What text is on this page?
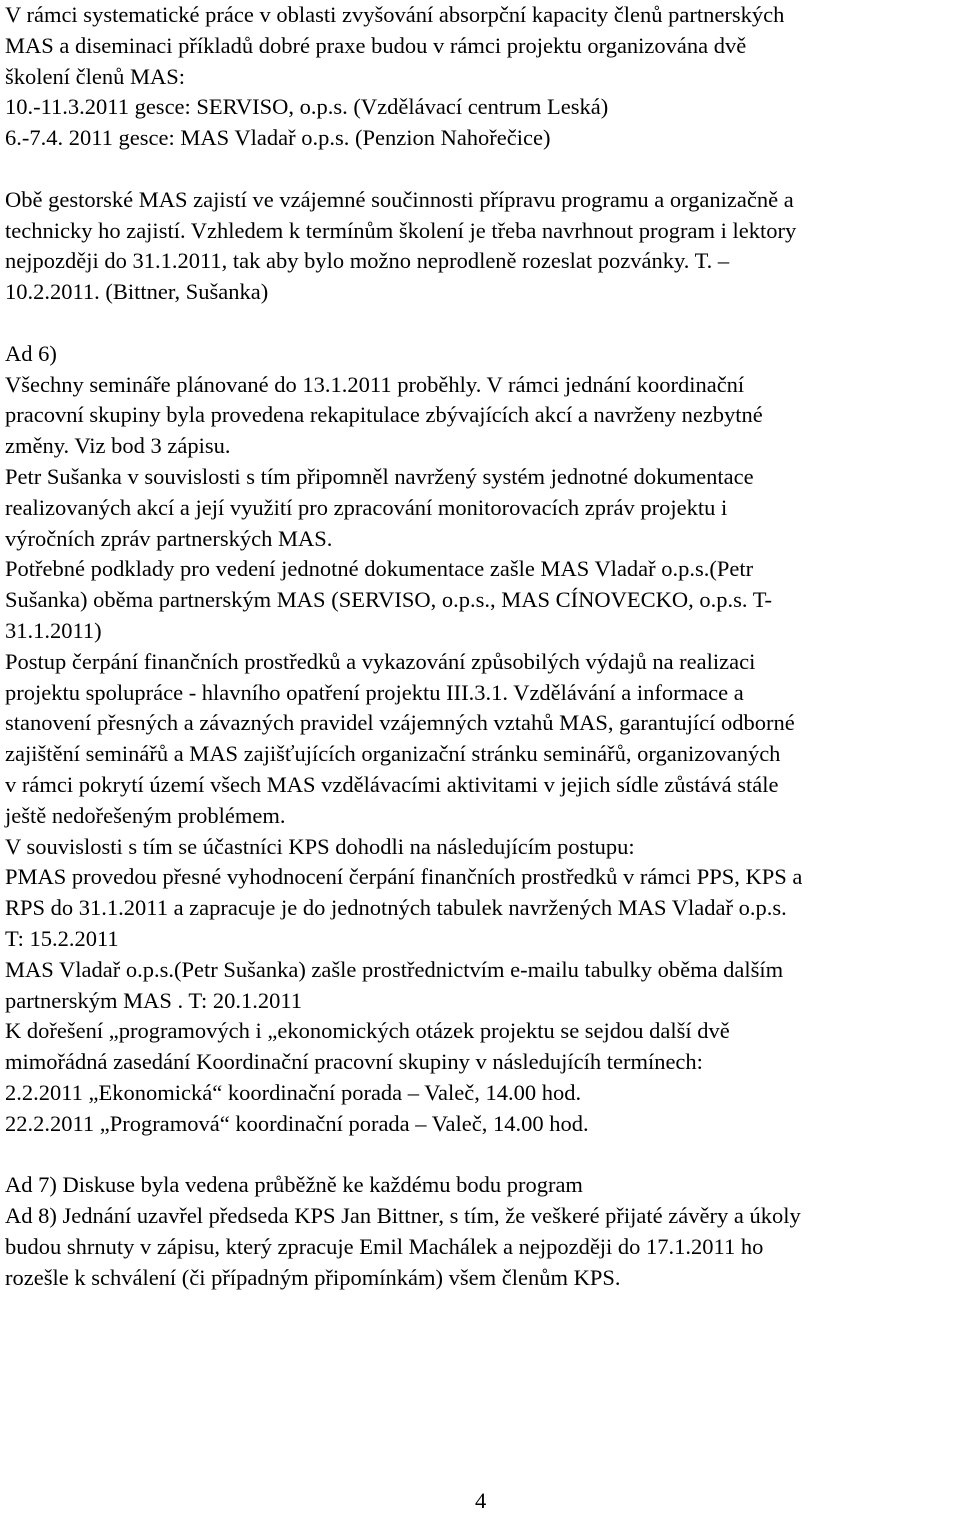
V rámci systematické práce v oblasti zvyšování absorpční kapacity členů partnerských
MAS a diseminaci příkladů dobré praxe budou v rámci projektu organizována dvě
školení členů MAS:
10.-11.3.2011 gesce: SERVISO, o.p.s. (Vzdělávací centrum Leská)
6.-7.4. 2011 gesce: MAS Vladař o.p.s. (Penzion Nahořečice)
Obě gestorské MAS zajistí ve vzájemné součinnosti přípravu programu a organizačně a
technicky ho zajistí. Vzhledem k termínům školení je třeba navrhnout program i lektory
nejpozději do 31.1.2011, tak aby bylo možno neprodleně rozeslat pozvánky. T. –
10.2.2011. (Bittner, Sušanka)
Ad 6)
Všechny semináře plánované do 13.1.2011 proběhly. V rámci jednání koordinační
pracovní skupiny byla provedena rekapitulace zbývajících akcí a navrženy nezbytné
změny. Viz bod 3 zápisu.
Petr Sušanka v souvislosti s tím připomněl navržený systém jednotné dokumentace
realizovaných akcí a její využití pro zpracování monitorovacích zpráv projektu i
výročních zpráv partnerských MAS.
Potřebné podklady pro vedení jednotné dokumentace zašle MAS Vladař o.p.s.(Petr
Sušanka) oběma partnerským MAS (SERVISO, o.p.s., MAS CÍNOVECKO, o.p.s. T-
31.1.2011)
Postup čerpání finančních prostředků a vykazování způsobilých výdajů na realizaci
projektu spolupráce - hlavního opatření projektu III.3.1. Vzdělávání a informace a
stanovení přesných a závazných pravidel vzájemných vztahů MAS, garantující odborné
zajištění seminářů a MAS zajišťujících organizační stránku seminářů, organizovaných
v rámci pokrytí území všech MAS vzdělávacími aktivitami v jejich sídle zůstává stále
ještě nedořešeným problémem.
V souvislosti s tím se účastníci KPS dohodli na následujícím postupu:
PMAS provedou přesné vyhodnocení čerpání finančních prostředků v rámci PPS, KPS a
RPS do 31.1.2011 a zapracuje je do jednotných tabulek navržených MAS Vladař o.p.s.
T: 15.2.2011
MAS Vladař o.p.s.(Petr Sušanka) zašle prostřednictvím e-mailu tabulky oběma dalším
partnerským MAS . T: 20.1.2011
K dořešení „programových i „ekonomických otázek projektu se sejdou další dvě
mimořádná zasedání Koordinační pracovní skupiny v následujícíh termínech:
2.2.2011 „Ekonomická“ koordinační porada – Valeč, 14.00 hod.
22.2.2011 „Programová“ koordinační porada – Valeč, 14.00 hod.
Ad 7) Diskuse byla vedena průběžně ke každému bodu program
Ad 8) Jednání uzavřel předseda KPS Jan Bittner, s tím, že veškeré přijaté závěry a úkoly
budou shrnuty v zápisu, který zpracuje Emil Machálek a nejpozději do 17.1.2011 ho
rozešle k schválení (či případným připomínkám) všem členům KPS.
4
